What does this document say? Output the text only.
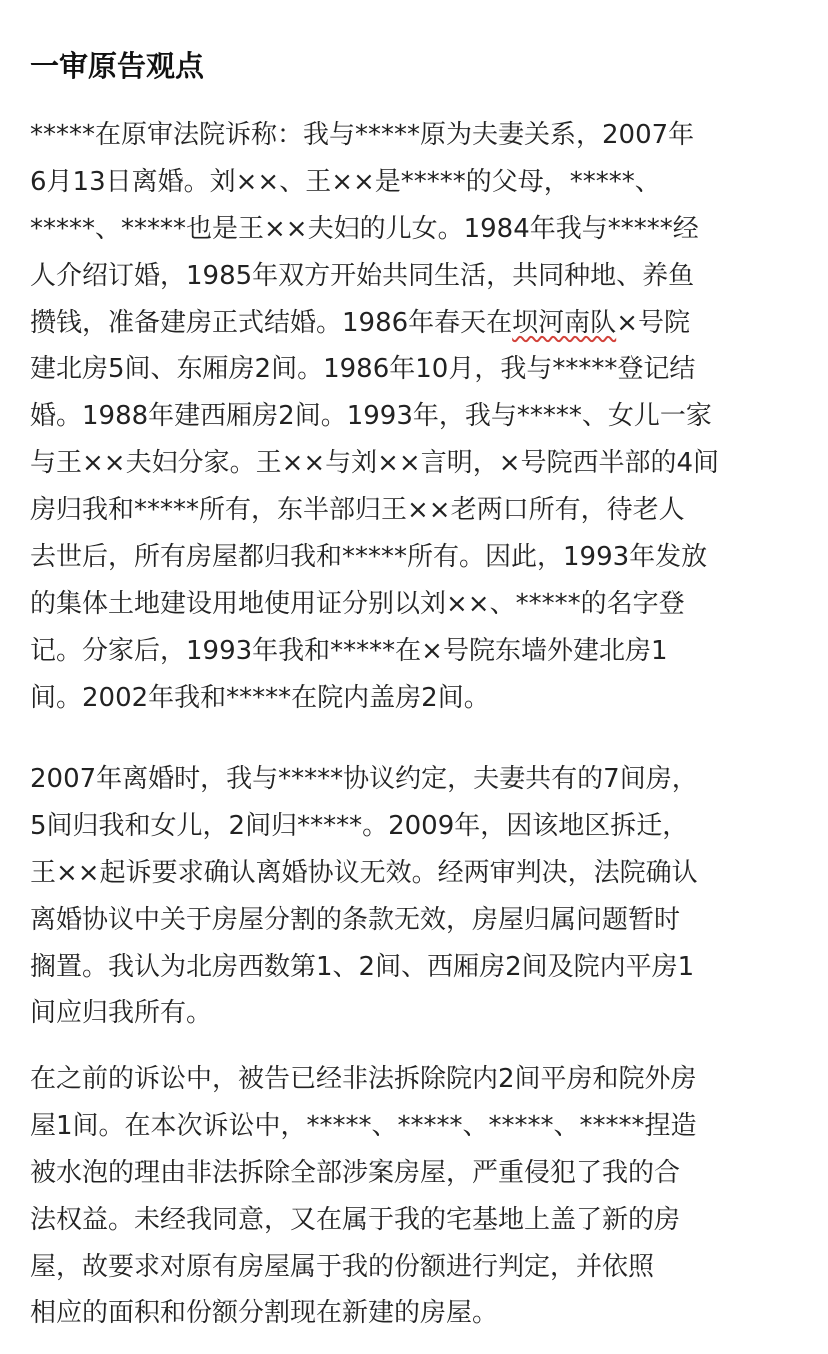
一审原告观点
*****在原审法院诉称：我与*****原为夫妻关系，2007年
6月13日离婚。刘××、王××是*****的父母，*****、
*****、*****也是王××夫妇的儿女。1984年我与*****经
人介绍订婚，1985年双方开始共同生活，共同种地、养鱼
攒钱，准备建房正式结婚。1986年春天在坝河南队×号院
建北房5间、东厢房2间。1986年10月，我与*****登记结
婚。1988年建西厢房2间。1993年，我与*****、女儿一家
与王××夫妇分家。王××与刘××言明，×号院西半部的4间
房归我和*****所有，东半部归王××老两口所有，待老人
去世后，所有房屋都归我和*****所有。因此，1993年发放
的集体土地建设用地使用证分别以刘××、*****的名字登
记。分家后，1993年我和*****在×号院东墙外建北房1
间。2002年我和*****在院内盖房2间。
2007年离婚时，我与*****协议约定，夫妻共有的7间房，
5间归我和女儿，2间归*****。2009年，因该地区拆迁，
王××起诉要求确认离婚协议无效。经两审判决，法院确认
离婚协议中关于房屋分割的条款无效，房屋归属问题暂时
搁置。我认为北房西数第1、2间、西厢房2间及院内平房1
间应归我所有。
在之前的诉讼中，被告已经非法拆除院内2间平房和院外房
屋1间。在本次诉讼中，*****、*****、*****、*****捏造
被水泡的理由非法拆除全部涉案房屋，严重侵犯了我的合
法权益。未经我同意，又在属于我的宅基地上盖了新的房
屋，故要求对原有房屋属于我的份额进行判定，并依照
相应的面积和份额分割现在新建的房屋。
